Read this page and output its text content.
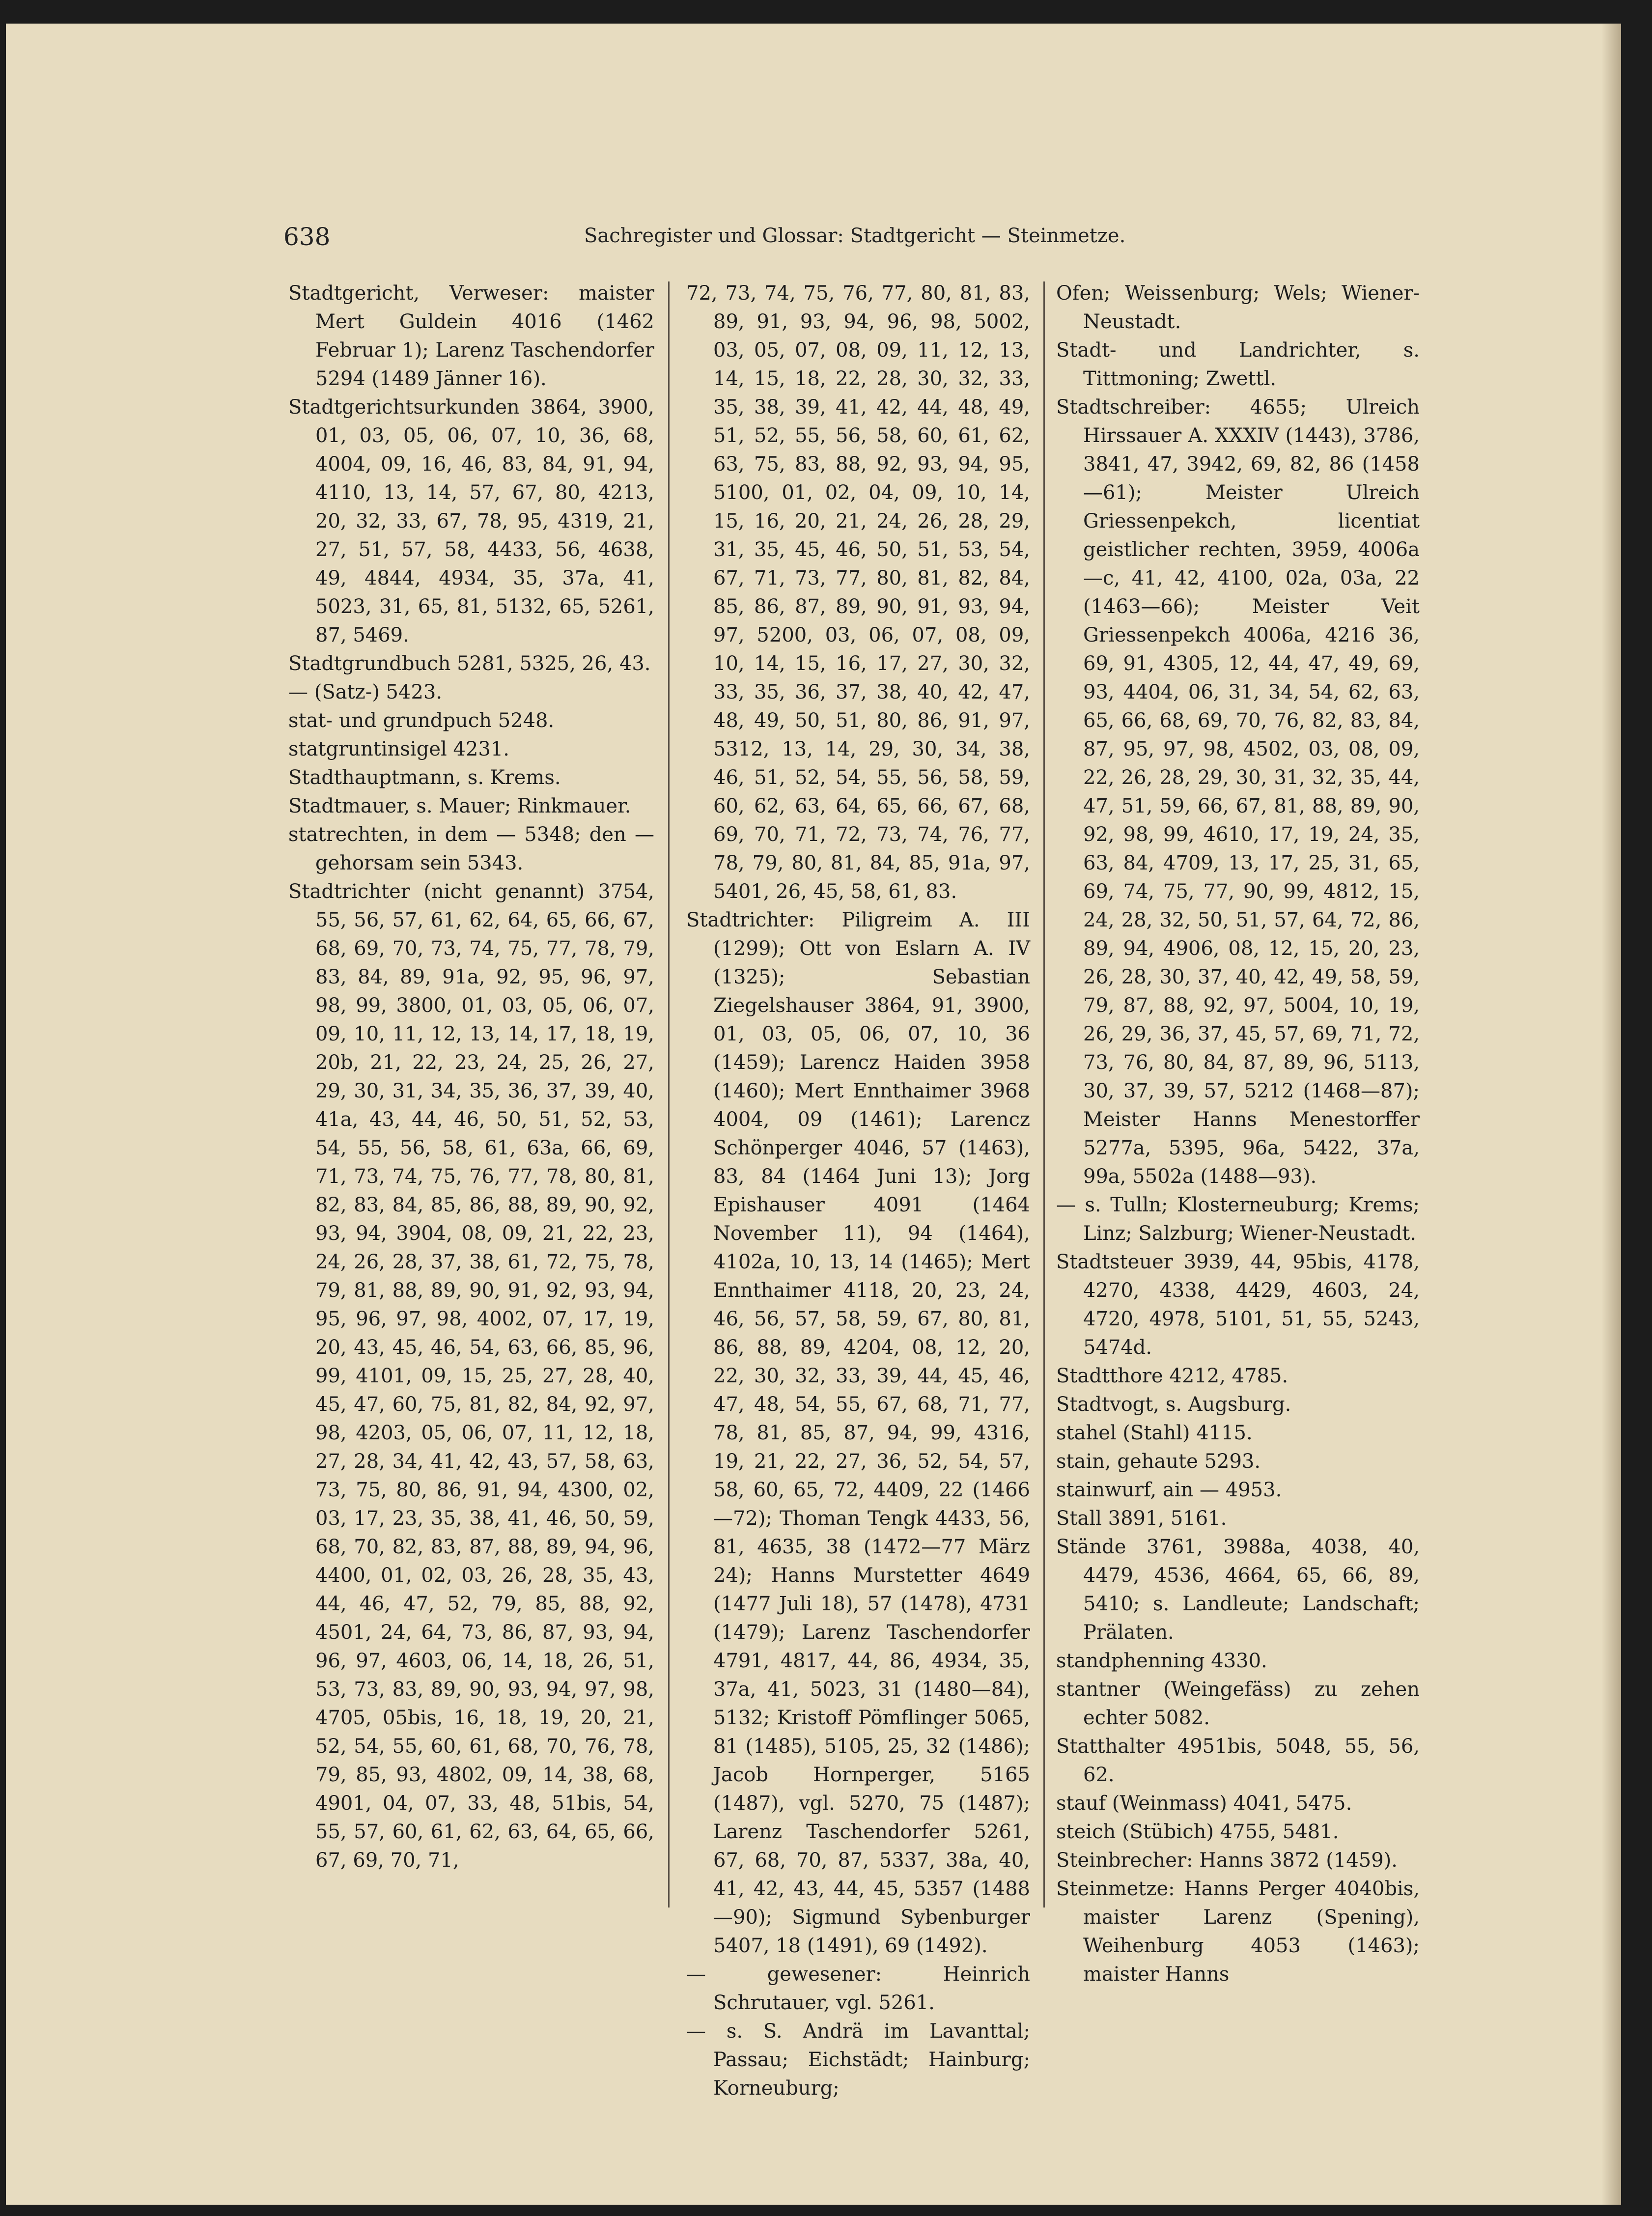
638	Sachregister und Glossar: Stadtgericht — Steinmetze.

Stadtgericht, Verweser: maister Mert Guldein 4016 (1462 Februar 1); Larenz Taschendorfer 5294 (1489 Jänner 16).

Stadtgerichtsurkunden 3864, 3900, 01, 03, 05, 06, 07, 10, 36, 68, 4004, 09, 16, 46, 83, 84, 91, 94, 4110, 13, 14, 57, 67, 80, 4213, 20, 32, 33, 67, 78, 95, 4319, 21, 27, 51, 57, 58, 4433, 56, 4638, 49, 4844, 4934, 35, 37a, 41, 5023, 31, 65, 81, 5132, 65, 5261, 87, 5469.

Stadtgrundbuch 5281, 5325, 26, 43.

— (Satz-) 5423.

stat- und grundpuch 5248.

statgruntinsigel 4231.

Stadthauptmann, s. Krems.

Stadtmauer, s. Mauer; Rinkmauer.

statrechten, in dem — 5348; den — gehorsam sein 5343.

Stadtrichter (nicht genannt) 3754, 55, 56, 57, 61, 62, 64, 65, 66, 67, 68, 69, 70, 73, 74, 75, 77, 78, 79, 83, 84, 89, 91a, 92, 95, 96, 97, 98, 99, 3800, 01, 03, 05, 06, 07, 09, 10, 11, 12, 13, 14, 17, 18, 19, 20b, 21, 22, 23, 24, 25, 26, 27, 29, 30, 31, 34, 35, 36, 37, 39, 40, 41a, 43, 44, 46, 50, 51, 52, 53, 54, 55, 56, 58, 61, 63a, 66, 69, 71, 73, 74, 75, 76, 77, 78, 80, 81, 82, 83, 84, 85, 86, 88, 89, 90, 92, 93, 94, 3904, 08, 09, 21, 22, 23, 24, 26, 28, 37, 38, 61, 72, 75, 78, 79, 81, 88, 89, 90, 91, 92, 93, 94, 95, 96, 97, 98, 4002, 07, 17, 19, 20, 43, 45, 46, 54, 63, 66, 85, 96, 99, 4101, 09, 15, 25, 27, 28, 40, 45, 47, 60, 75, 81, 82, 84, 92, 97, 98, 4203, 05, 06, 07, 11, 12, 18, 27, 28, 34, 41, 42, 43, 57, 58, 63, 73, 75, 80, 86, 91, 94, 4300, 02, 03, 17, 23, 35, 38, 41, 46, 50, 59, 68, 70, 82, 83, 87, 88, 89, 94, 96, 4400, 01, 02, 03, 26, 28, 35, 43, 44, 46, 47, 52, 79, 85, 88, 92, 4501, 24, 64, 73, 86, 87, 93, 94, 96, 97, 4603, 06, 14, 18, 26, 51, 53, 73, 83, 89, 90, 93, 94, 97, 98, 4705, 05bis, 16, 18, 19, 20, 21, 52, 54, 55, 60, 61, 68, 70, 76, 78, 79, 85, 93, 4802, 09, 14, 38, 68, 4901, 04, 07, 33, 48, 51bis, 54, 55, 57, 60, 61, 62, 63, 64, 65, 66, 67, 69, 70, 71,

72, 73, 74, 75, 76, 77, 80, 81, 83, 89, 91, 93, 94, 96, 98, 5002, 03, 05, 07, 08, 09, 11, 12, 13, 14, 15, 18, 22, 28, 30, 32, 33, 35, 38, 39, 41, 42, 44, 48, 49, 51, 52, 55, 56, 58, 60, 61, 62, 63, 75, 83, 88, 92, 93, 94, 95, 5100, 01, 02, 04, 09, 10, 14, 15, 16, 20, 21, 24, 26, 28, 29, 31, 35, 45, 46, 50, 51, 53, 54, 67, 71, 73, 77, 80, 81, 82, 84, 85, 86, 87, 89, 90, 91, 93, 94, 97, 5200, 03, 06, 07, 08, 09, 10, 14, 15, 16, 17, 27, 30, 32, 33, 35, 36, 37, 38, 40, 42, 47, 48, 49, 50, 51, 80, 86, 91, 97, 5312, 13, 14, 29, 30, 34, 38, 46, 51, 52, 54, 55, 56, 58, 59, 60, 62, 63, 64, 65, 66, 67, 68, 69, 70, 71, 72, 73, 74, 76, 77, 78, 79, 80, 81, 84, 85, 91a, 97, 5401, 26, 45, 58, 61, 83.

Stadtrichter: Piligreim A. III (1299); Ott von Eslarn A. IV (1325); Sebastian Ziegelshauser 3864, 91, 3900, 01, 03, 05, 06, 07, 10, 36 (1459); Larencz Haiden 3958 (1460); Mert Ennthaimer 3968 4004, 09 (1461); Larencz Schönperger 4046, 57 (1463), 83, 84 (1464 Juni 13); Jorg Epishauser 4091 (1464 November 11), 94 (1464), 4102a, 10, 13, 14 (1465); Mert Ennthaimer 4118, 20, 23, 24, 46, 56, 57, 58, 59, 67, 80, 81, 86, 88, 89, 4204, 08, 12, 20, 22, 30, 32, 33, 39, 44, 45, 46, 47, 48, 54, 55, 67, 68, 71, 77, 78, 81, 85, 87, 94, 99, 4316, 19, 21, 22, 27, 36, 52, 54, 57, 58, 60, 65, 72, 4409, 22 (1466 —72); Thoman Tengk 4433, 56, 81, 4635, 38 (1472—77 März 24); Hanns Murstetter 4649 (1477 Juli 18), 57 (1478), 4731 (1479); Larenz Taschendorfer 4791, 4817, 44, 86, 4934, 35, 37a, 41, 5023, 31 (1480—84), 5132; Kristoff Pömflinger 5065, 81 (1485), 5105, 25, 32 (1486); Jacob Hornperger, 5165 (1487), vgl. 5270, 75 (1487); Larenz Taschendorfer 5261, 67, 68, 70, 87, 5337, 38a, 40, 41, 42, 43, 44, 45, 5357 (1488—90); Sigmund Sybenburger 5407, 18 (1491), 69 (1492).

— gewesener: Heinrich Schrutauer, vgl. 5261.

— s. S. Andrä im Lavanttal; Passau; Eichstädt; Hainburg; Korneuburg;

Ofen; Weissenburg; Wels; Wiener-Neustadt.

Stadt- und Landrichter, s. Tittmoning; Zwettl.

Stadtschreiber: 4655; Ulreich Hirssauer A. XXXIV (1443), 3786, 3841, 47, 3942, 69, 82, 86 (1458 —61); Meister Ulreich Griessenpekch, licentiat geistlicher rechten, 3959, 4006a—c, 41, 42, 4100, 02a, 03a, 22 (1463—66); Meister Veit Griessenpekch 4006a, 4216 36, 69, 91, 4305, 12, 44, 47, 49, 69, 93, 4404, 06, 31, 34, 54, 62, 63, 65, 66, 68, 69, 70, 76, 82, 83, 84, 87, 95, 97, 98, 4502, 03, 08, 09, 22, 26, 28, 29, 30, 31, 32, 35, 44, 47, 51, 59, 66, 67, 81, 88, 89, 90, 92, 98, 99, 4610, 17, 19, 24, 35, 63, 84, 4709, 13, 17, 25, 31, 65, 69, 74, 75, 77, 90, 99, 4812, 15, 24, 28, 32, 50, 51, 57, 64, 72, 86, 89, 94, 4906, 08, 12, 15, 20, 23, 26, 28, 30, 37, 40, 42, 49, 58, 59, 79, 87, 88, 92, 97, 5004, 10, 19, 26, 29, 36, 37, 45, 57, 69, 71, 72, 73, 76, 80, 84, 87, 89, 96, 5113, 30, 37, 39, 57, 5212 (1468—87); Meister Hanns Menestorffer 5277a, 5395, 96a, 5422, 37a, 99a, 5502a (1488—93).

— s. Tulln; Klosterneuburg; Krems; Linz; Salzburg; Wiener-Neustadt.

Stadtsteuer 3939, 44, 95bis, 4178, 4270, 4338, 4429, 4603, 24, 4720, 4978, 5101, 51, 55, 5243, 5474d.

Stadtthore 4212, 4785.

Stadtvogt, s. Augsburg.

stahel (Stahl) 4115.

stain, gehaute 5293.

stainwurf, ain — 4953.

Stall 3891, 5161.

Stände 3761, 3988a, 4038, 40, 4479, 4536, 4664, 65, 66, 89, 5410; s. Landleute; Landschaft; Prälaten.

standphenning 4330.

stantner (Weingefäss) zu zehen echter 5082.

Statthalter 4951bis, 5048, 55, 56, 62.

stauf (Weinmass) 4041, 5475.

steich (Stübich) 4755, 5481.

Steinbrecher: Hanns 3872 (1459).

Steinmetze: Hanns Perger 4040bis, maister Larenz (Spening), Weihenburg 4053 (1463); maister Hanns
